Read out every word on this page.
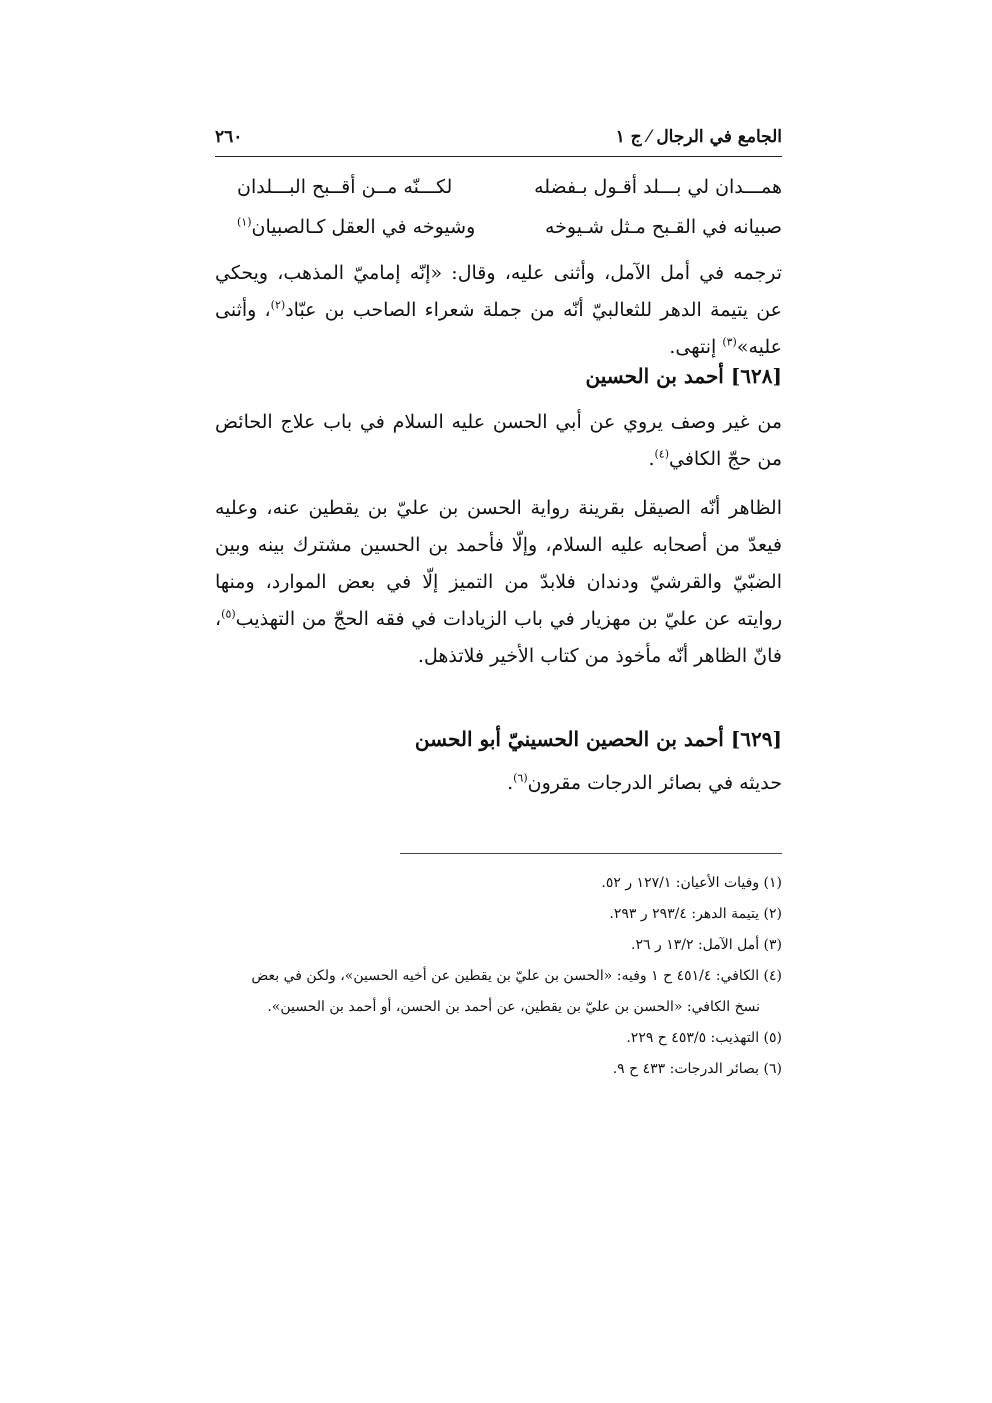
٢٦٠	الجامع في الرجال ⁄ ج ١
همـــدان لي بـــلد أقـول بـفضله
لكـــنّه مــن أقــبح البـــلدان
صبيانه في القـبح مـثل شـيوخه
وشيوخه في العقل كـالصبيان$^{(١)}$
ترجمه في أمل الآمل، وأثنى عليه، وقال: «إنّه إماميّ المذهب، ويحكي عن يتيمة الدهر للثعالبيّ أنّه من جملة شعراء الصاحب بن عبّاد$^{(٢)}$، وأثنى عليه»$^{(٣)}$ إنتهى.
[٦٢٨] أحمد بن الحسين
من غير وصف يروي عن أبي الحسن عليه السلام في باب علاج الحائض من حجّ الكافي$^{(٤)}$.
الظاهر أنّه الصيقل بقرينة رواية الحسن بن عليّ بن يقطين عنه، وعليه فيعدّ من أصحابه عليه السلام، وإلّا فأحمد بن الحسين مشترك بينه وبين الضبّيّ والقرشيّ ودندان فلابدّ من التميز إلّا في بعض الموارد، ومنها روايته عن عليّ بن مهزيار في باب الزيادات في فقه الحجّ من التهذيب$^{(٥)}$، فانّ الظاهر أنّه مأخوذ من كتاب الأخير فلاتذهل.
[٦٢٩] أحمد بن الحصين الحسينيّ أبو الحسن
حديثه في بصائر الدرجات مقرون$^{(٦)}$.
(١) وفيات الأعيان: ١٢٧/١ ر ٥٢.
(٢) يتيمة الدهر: ٢٩٣/٤ ر ٢٩٣.
(٣) أمل الآمل: ١٣/٢ ر ٢٦.
(٤) الكافي: ٤٥١/٤ ح ١ وفيه: «الحسن بن عليّ بن يقطين عن أخيه الحسين»، ولكن في بعض
نسخ الكافي: «الحسن بن عليّ بن يقطين، عن أحمد بن الحسن، أو أحمد بن الحسين».
(٥) التهذيب: ٤٥٣/٥ ح ٢٢٩.
(٦) بصائر الدرجات: ٤٣٣ ح ٩.
